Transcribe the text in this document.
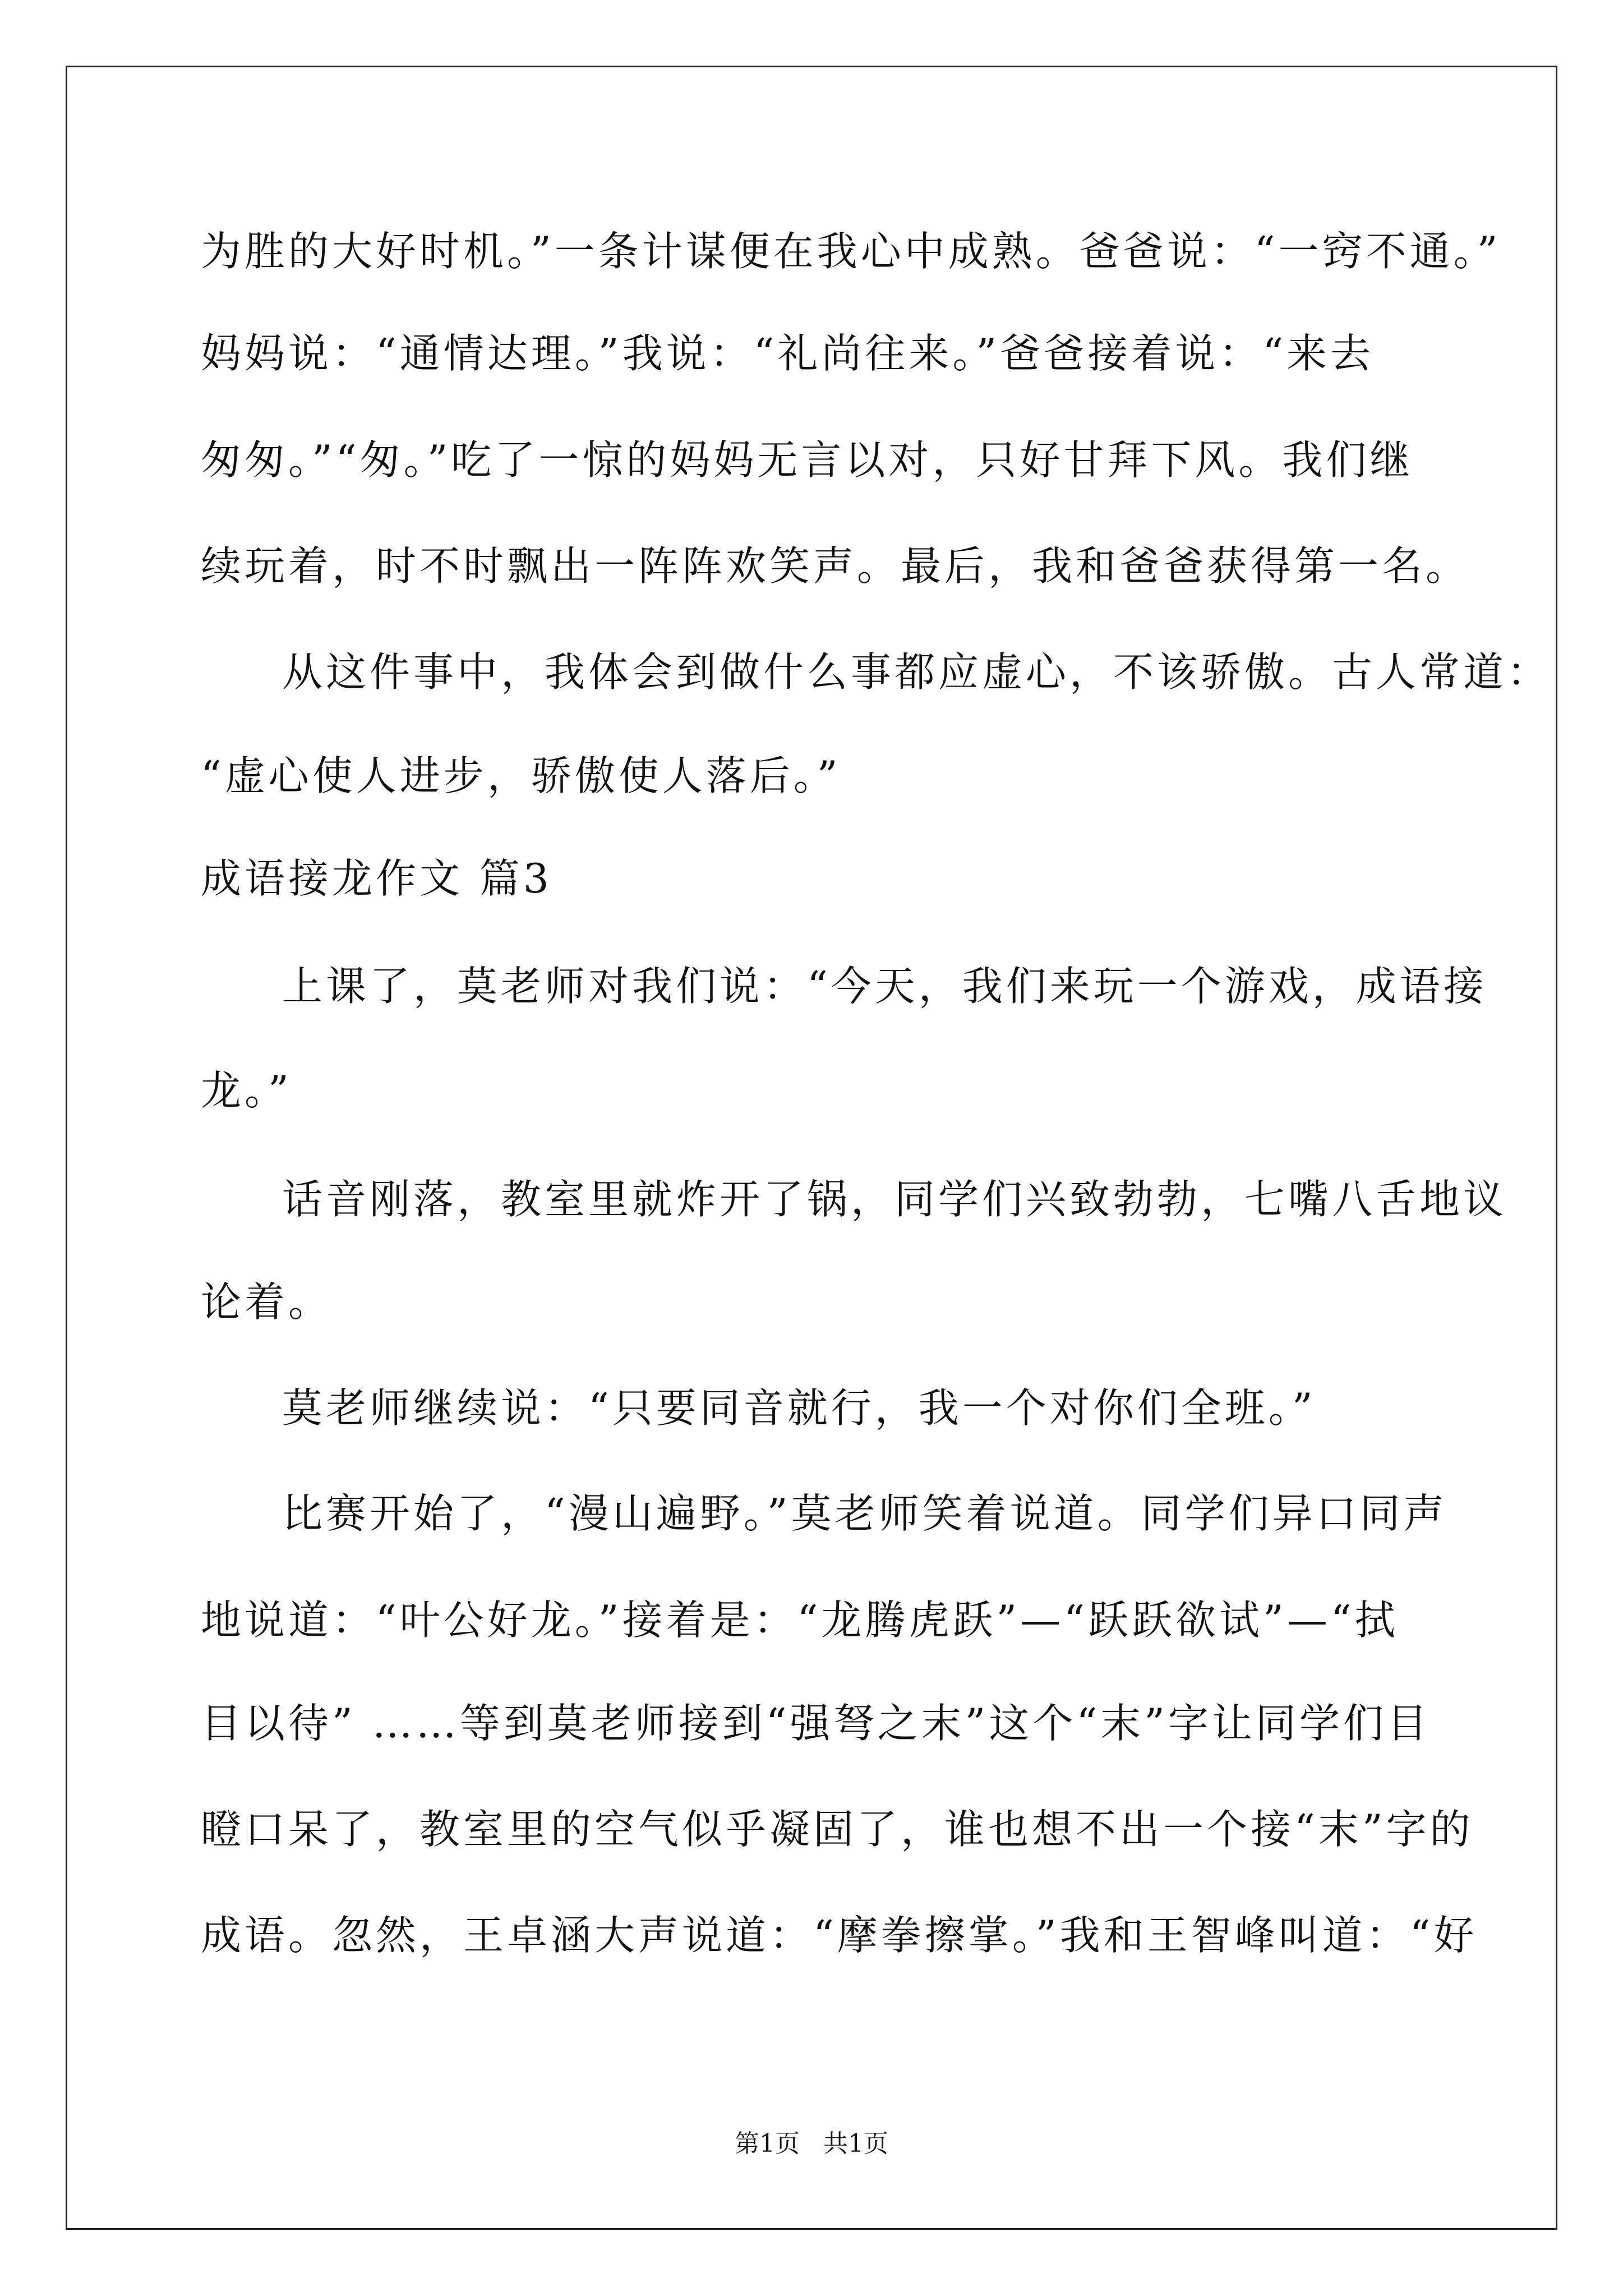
为胜的大好时机。”一条计谋便在我心中成熟。爸爸说：“一窍不通。”
妈妈说：“通情达理。”我说：“礼尚往来。”爸爸接着说：“来去
匆匆。”“匆。”吃了一惊的妈妈无言以对，只好甘拜下风。我们继
续玩着，时不时飘出一阵阵欢笑声。最后，我和爸爸获得第一名。
从这件事中，我体会到做什么事都应虚心，不该骄傲。古人常道：
“虚心使人进步，骄傲使人落后。”
成语接龙作文 篇3
上课了，莫老师对我们说：“今天，我们来玩一个游戏，成语接
龙。”
话音刚落，教室里就炸开了锅，同学们兴致勃勃，七嘴八舌地议
论着。
莫老师继续说：“只要同音就行，我一个对你们全班。”
比赛开始了，“漫山遍野。”莫老师笑着说道。同学们异口同声
地说道：“叶公好龙。”接着是：“龙腾虎跃”—“跃跃欲试”—“拭
目以待” ……等到莫老师接到“强弩之末”这个“末”字让同学们目
瞪口呆了，教室里的空气似乎凝固了，谁也想不出一个接“末”字的
成语。忽然，王卓涵大声说道：“摩拳擦掌。”我和王智峰叫道：“好
第1页 共1页
